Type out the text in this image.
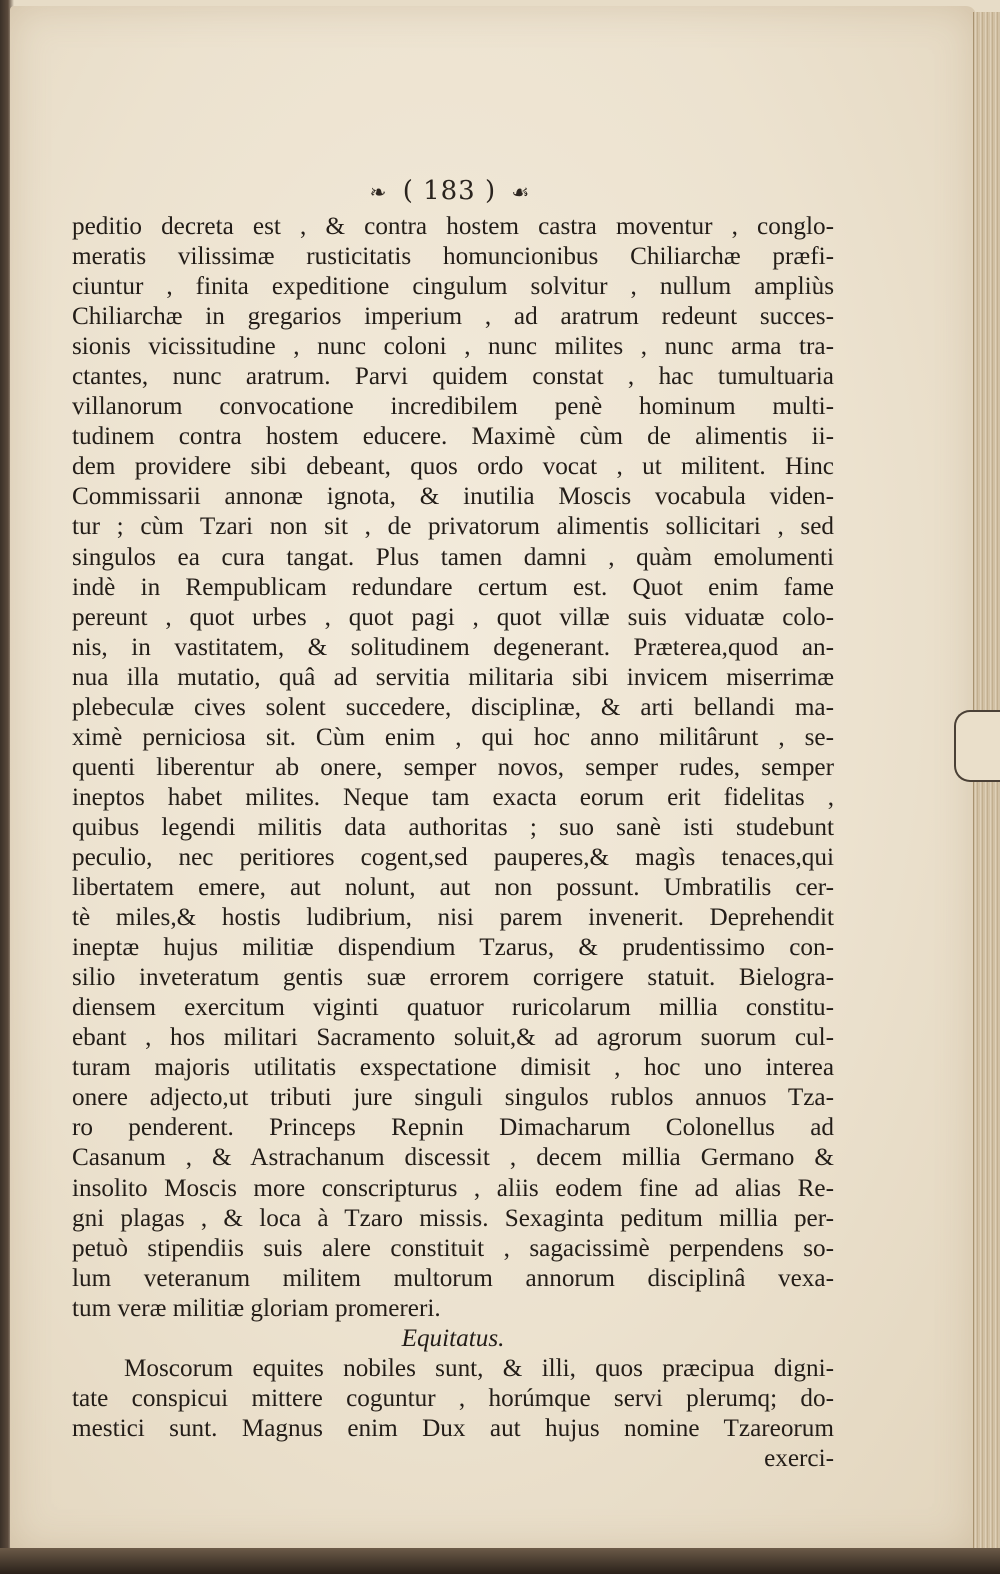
❧ ( 183 ) ☙
peditio decreta est , & contra hostem castra moventur , conglo-
meratis vilissimæ rusticitatis homuncionibus Chiliarchæ præfi-
ciuntur , finita expeditione cingulum solvitur , nullum ampliùs
Chiliarchæ in gregarios imperium , ad aratrum redeunt succes-
sionis vicissitudine , nunc coloni , nunc milites , nunc arma tra-
ctantes, nunc aratrum. Parvi quidem constat , hac tumultuaria
villanorum convocatione incredibilem penè hominum multi-
tudinem contra hostem educere. Maximè cùm de alimentis ii-
dem providere sibi debeant, quos ordo vocat , ut militent. Hinc
Commissarii annonæ ignota, & inutilia Moscis vocabula viden-
tur ; cùm Tzari non sit , de privatorum alimentis sollicitari , sed
singulos ea cura tangat. Plus tamen damni , quàm emolumenti
indè in Rempublicam redundare certum est. Quot enim fame
pereunt , quot urbes , quot pagi , quot villæ suis viduatæ colo-
nis, in vastitatem, & solitudinem degenerant. Præterea,quod an-
nua illa mutatio, quâ ad servitia militaria sibi invicem miserrimæ
plebeculæ cives solent succedere, disciplinæ, & arti bellandi ma-
ximè perniciosa sit. Cùm enim , qui hoc anno militârunt , se-
quenti liberentur ab onere, semper novos, semper rudes, semper
ineptos habet milites. Neque tam exacta eorum erit fidelitas ,
quibus legendi militis data authoritas ; suo sanè isti studebunt
peculio, nec peritiores cogent,sed pauperes,& magìs tenaces,qui
libertatem emere, aut nolunt, aut non possunt. Umbratilis cer-
tè miles,& hostis ludibrium, nisi parem invenerit. Deprehendit
ineptæ hujus militiæ dispendium Tzarus, & prudentissimo con-
silio inveteratum gentis suæ errorem corrigere statuit. Bielogra-
diensem exercitum viginti quatuor ruricolarum millia constitu-
ebant , hos militari Sacramento soluit,& ad agrorum suorum cul-
turam majoris utilitatis exspectatione dimisit , hoc uno interea
onere adjecto,ut tributi jure singuli singulos rublos annuos Tza-
ro penderent. Princeps Repnin Dimacharum Colonellus ad
Casanum , & Astrachanum discessit , decem millia Germano &
insolito Moscis more conscripturus , aliis eodem fine ad alias Re-
gni plagas , & loca à Tzaro missis. Sexaginta peditum millia per-
petuò stipendiis suis alere constituit , sagacissimè perpendens so-
lum veteranum militem multorum annorum disciplinâ vexa-
tum veræ militiæ gloriam promereri.
Equitatus.
Moscorum equites nobiles sunt, & illi, quos præcipua digni-
tate conspicui mittere coguntur , horúmque servi plerumq; do-
mestici sunt. Magnus enim Dux aut hujus nomine Tzareorum
exerci-
